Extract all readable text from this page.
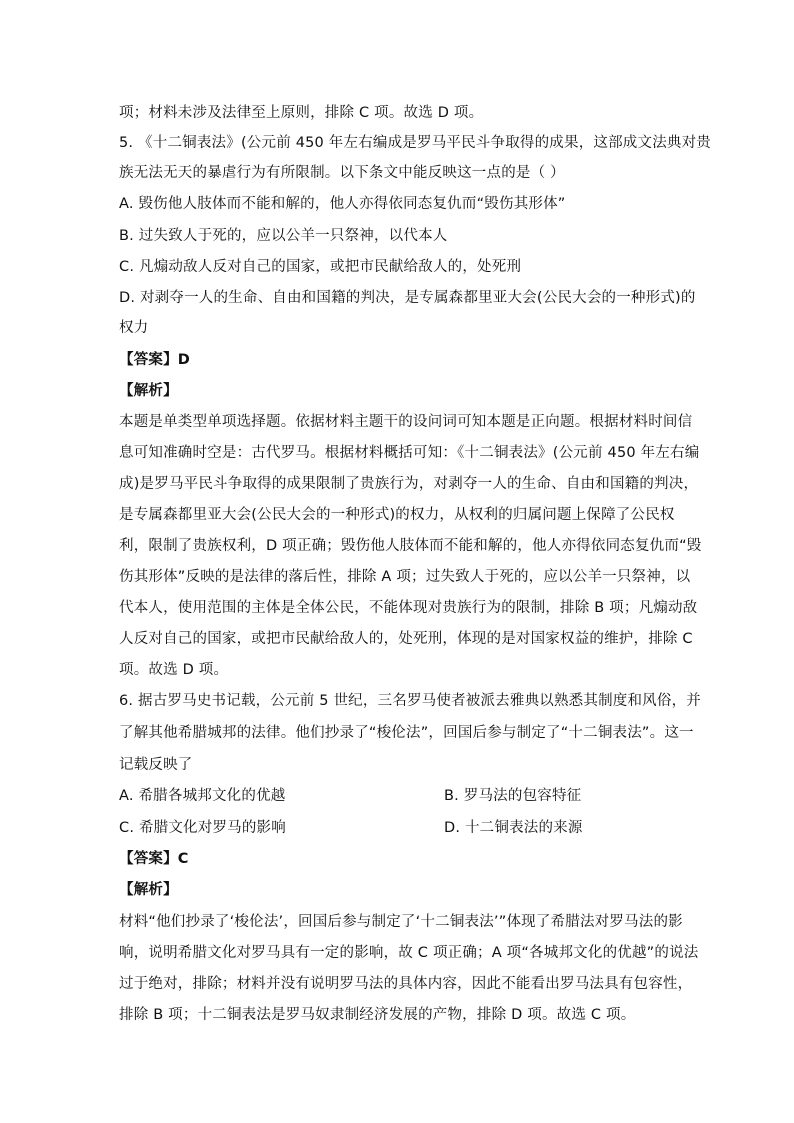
项；材料未涉及法律至上原则，排除 C 项。故选 D 项。
5. 《十二铜表法》(公元前 450 年左右编成是罗马平民斗争取得的成果，这部成文法典对贵
族无法无天的暴虐行为有所限制。以下条文中能反映这一点的是（ ）
A. 毁伤他人肢体而不能和解的，他人亦得依同态复仇而“毁伤其形体”
B. 过失致人于死的，应以公羊一只祭神，以代本人
C. 凡煽动敌人反对自己的国家，或把市民献给敌人的，处死刑
D. 对剥夺一人的生命、自由和国籍的判决，是专属森都里亚大会(公民大会的一种形式)的
权力
【答案】D
【解析】
本题是单类型单项选择题。依据材料主题干的设问词可知本题是正向题。根据材料时间信
息可知准确时空是：古代罗马。根据材料概括可知：《十二铜表法》(公元前 450 年左右编
成)是罗马平民斗争取得的成果限制了贵族行为，对剥夺一人的生命、自由和国籍的判决，
是专属森都里亚大会(公民大会的一种形式)的权力，从权利的归属问题上保障了公民权
利，限制了贵族权利，D 项正确；毁伤他人肢体而不能和解的，他人亦得依同态复仇而“毁
伤其形体”反映的是法律的落后性，排除 A 项；过失致人于死的，应以公羊一只祭神，以
代本人，使用范围的主体是全体公民，不能体现对贵族行为的限制，排除 B 项；凡煽动敌
人反对自己的国家，或把市民献给敌人的，处死刑，体现的是对国家权益的维护，排除 C
项。故选 D 项。
6. 据古罗马史书记载，公元前 5 世纪，三名罗马使者被派去雅典以熟悉其制度和风俗，并
了解其他希腊城邦的法律。他们抄录了“梭伦法”，回国后参与制定了“十二铜表法”。这一
记载反映了
A. 希腊各城邦文化的优越	B. 罗马法的包容特征
C. 希腊文化对罗马的影响	D. 十二铜表法的来源
【答案】C
【解析】
材料“他们抄录了‘梭伦法’，回国后参与制定了‘十二铜表法’”体现了希腊法对罗马法的影
响，说明希腊文化对罗马具有一定的影响，故 C 项正确；A 项“各城邦文化的优越”的说法
过于绝对，排除；材料并没有说明罗马法的具体内容，因此不能看出罗马法具有包容性，
排除 B 项；十二铜表法是罗马奴隶制经济发展的产物，排除 D 项。故选 C 项。
